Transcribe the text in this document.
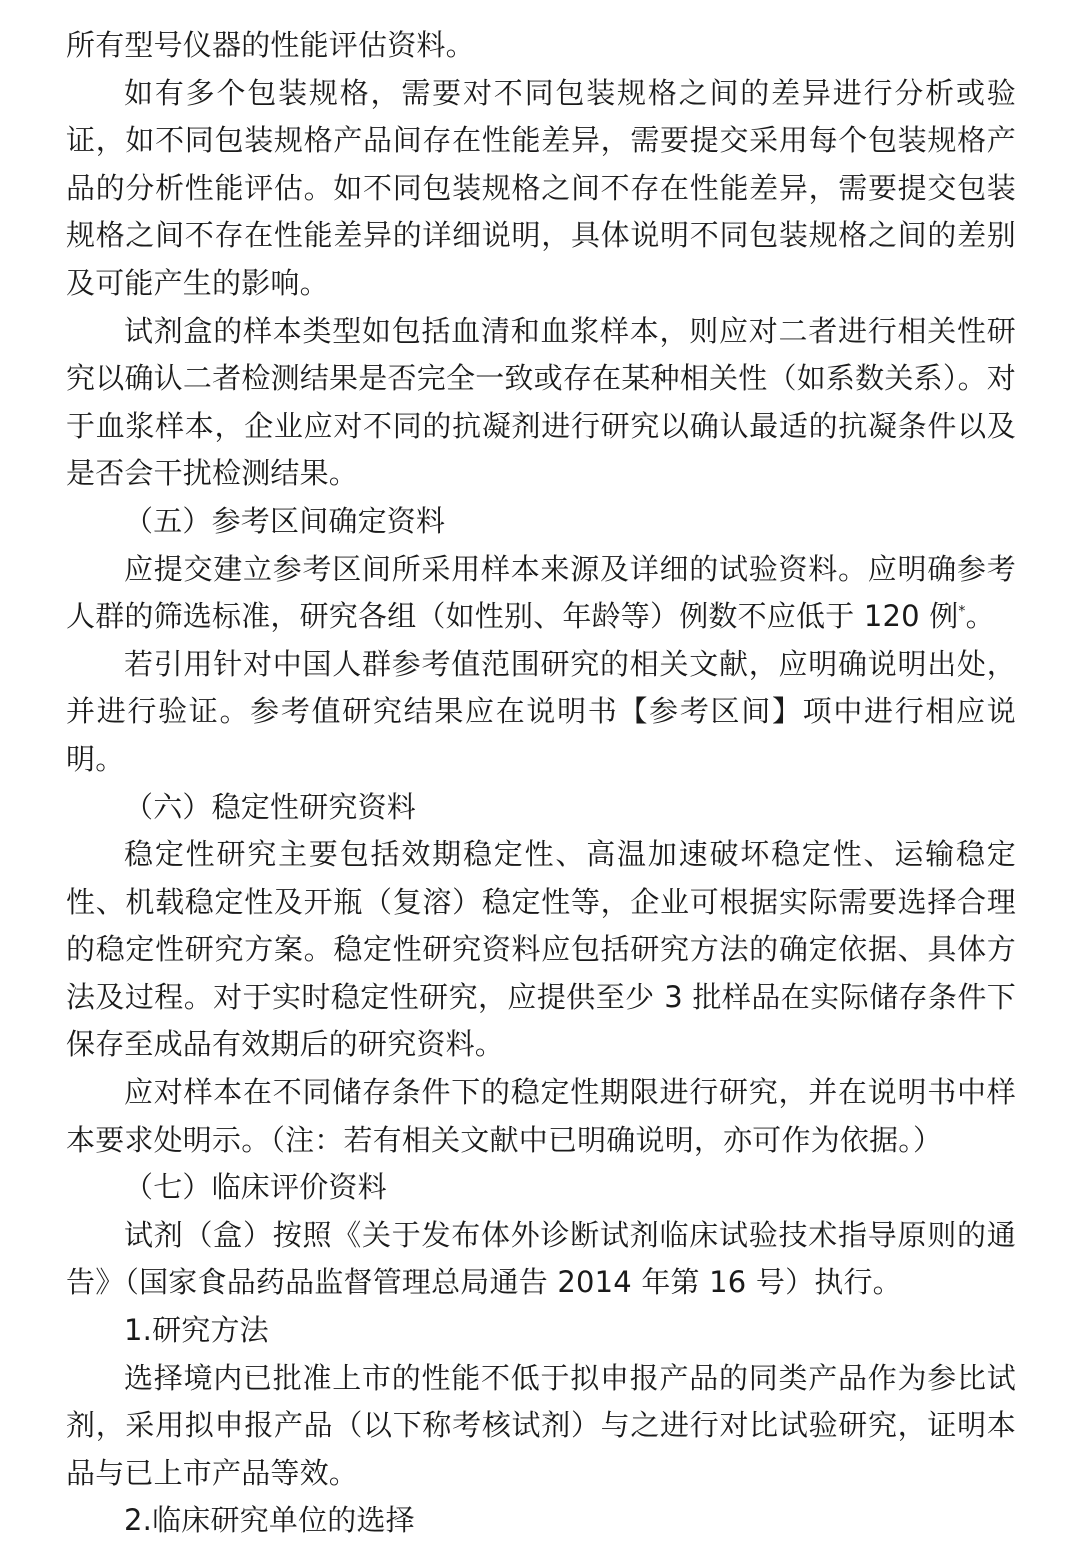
所有型号仪器的性能评估资料。

如有多个包装规格，需要对不同包装规格之间的差异进行分析或验证，如不同包装规格产品间存在性能差异，需要提交采用每个包装规格产品的分析性能评估。如不同包装规格之间不存在性能差异，需要提交包装规格之间不存在性能差异的详细说明，具体说明不同包装规格之间的差别及可能产生的影响。

试剂盒的样本类型如包括血清和血浆样本，则应对二者进行相关性研究以确认二者检测结果是否完全一致或存在某种相关性（如系数关系）。对于血浆样本，企业应对不同的抗凝剂进行研究以确认最适的抗凝条件以及是否会干扰检测结果。

（五）参考区间确定资料

应提交建立参考区间所采用样本来源及详细的试验资料。应明确参考人群的筛选标准，研究各组（如性别、年龄等）例数不应低于 120 例*。

若引用针对中国人群参考值范围研究的相关文献，应明确说明出处，并进行验证。参考值研究结果应在说明书【参考区间】项中进行相应说明。

（六）稳定性研究资料

稳定性研究主要包括效期稳定性、高温加速破坏稳定性、运输稳定性、机载稳定性及开瓶（复溶）稳定性等，企业可根据实际需要选择合理的稳定性研究方案。稳定性研究资料应包括研究方法的确定依据、具体方法及过程。对于实时稳定性研究，应提供至少 3 批样品在实际储存条件下保存至成品有效期后的研究资料。

应对样本在不同储存条件下的稳定性期限进行研究，并在说明书中样本要求处明示。（注：若有相关文献中已明确说明，亦可作为依据。）

（七）临床评价资料

试剂（盒）按照《关于发布体外诊断试剂临床试验技术指导原则的通告》（国家食品药品监督管理总局通告 2014 年第 16 号）执行。

1.研究方法

选择境内已批准上市的性能不低于拟申报产品的同类产品作为参比试剂，采用拟申报产品（以下称考核试剂）与之进行对比试验研究，证明本品与已上市产品等效。

2.临床研究单位的选择
